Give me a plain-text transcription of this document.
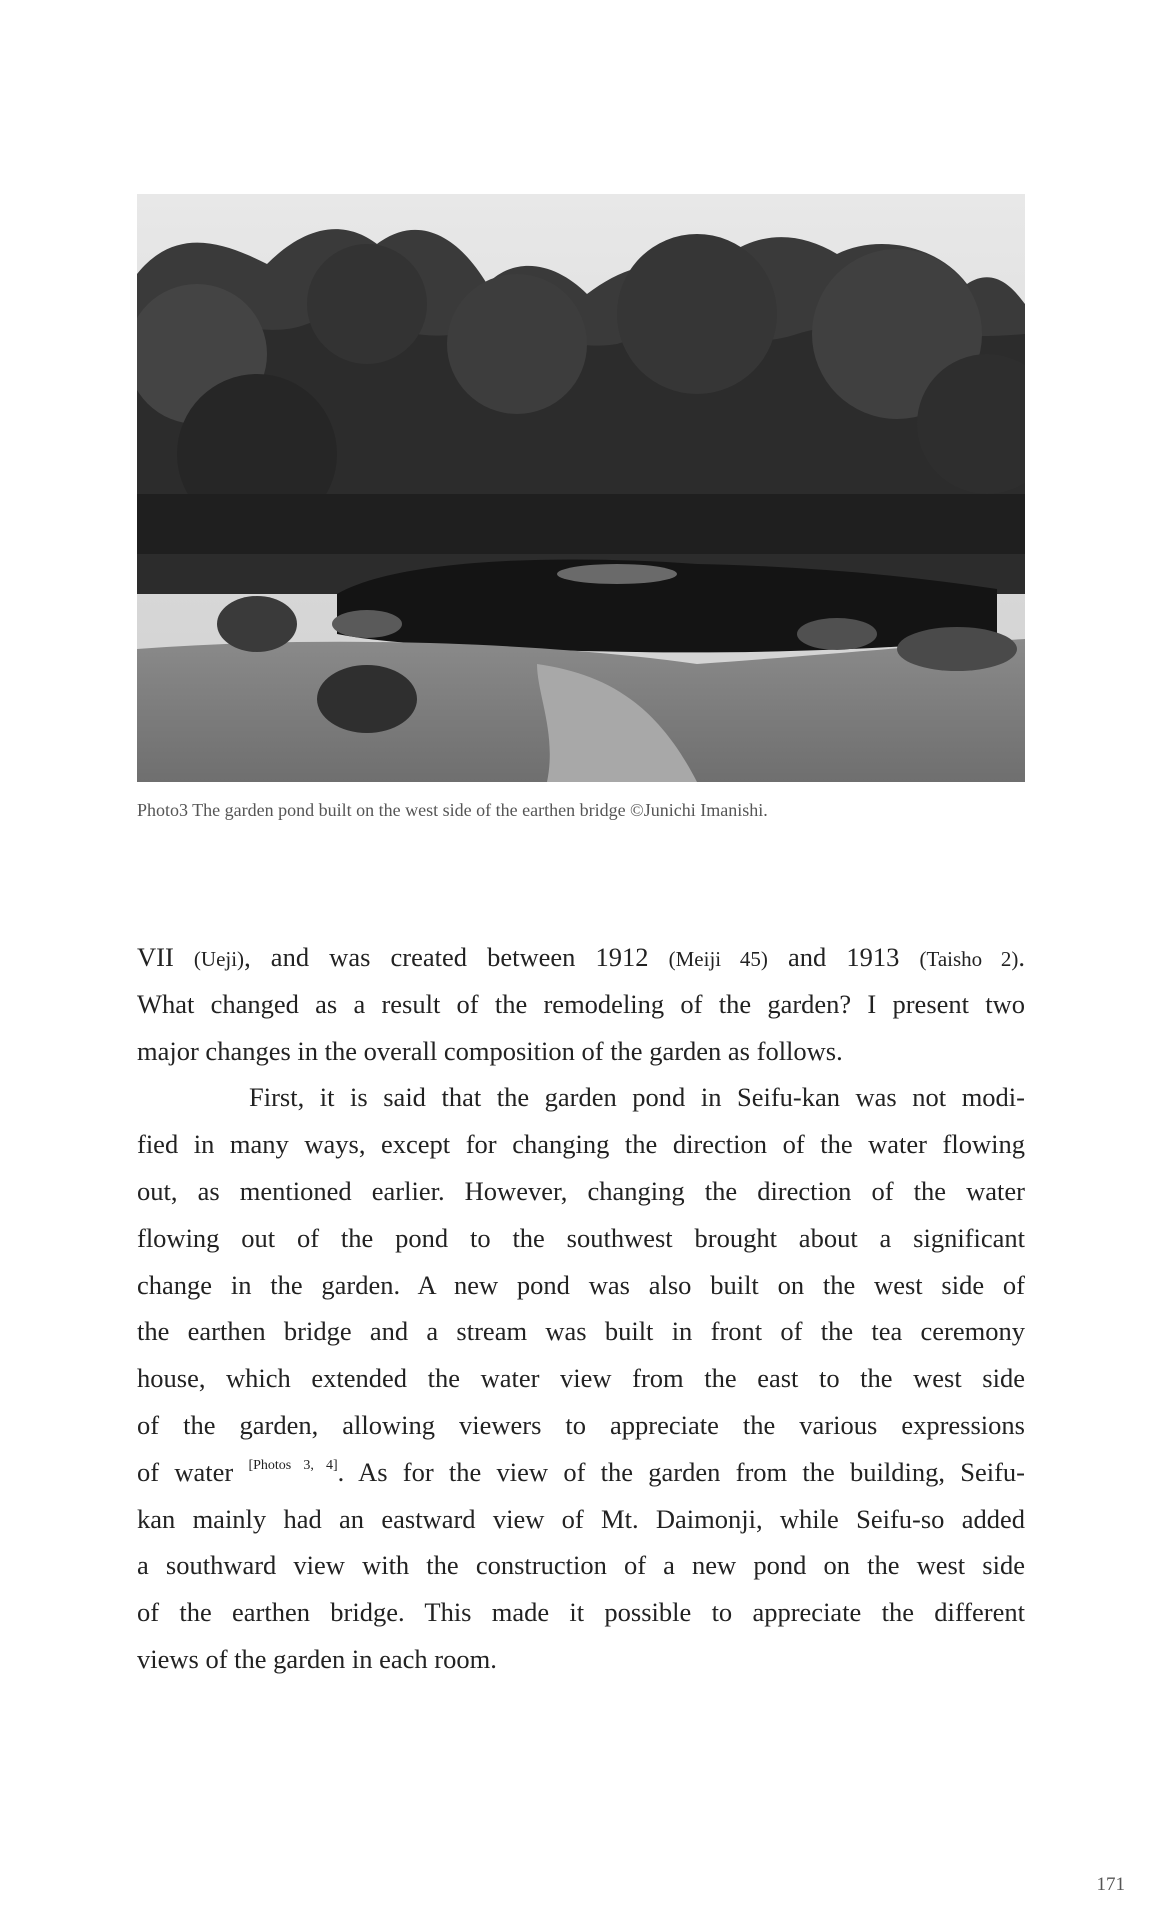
Photo3 The garden pond built on the west side of the earthen bridge ©Junichi Imanishi.
VII (Ueji), and was created between 1912 (Meiji 45) and 1913 (Taisho 2).
What changed as a result of the remodeling of the garden? I present two
major changes in the overall composition of the garden as follows.
First, it is said that the garden pond in Seifu-kan was not modi-
fied in many ways, except for changing the direction of the water flowing
out, as mentioned earlier. However, changing the direction of the water
flowing out of the pond to the southwest brought about a significant
change in the garden. A new pond was also built on the west side of
the earthen bridge and a stream was built in front of the tea ceremony
house, which extended the water view from the east to the west side
of the garden, allowing viewers to appreciate the various expressions
of water [Photos 3, 4]. As for the view of the garden from the building, Seifu-
kan mainly had an eastward view of Mt. Daimonji, while Seifu-so added
a southward view with the construction of a new pond on the west side
of the earthen bridge. This made it possible to appreciate the different
views of the garden in each room.
171
